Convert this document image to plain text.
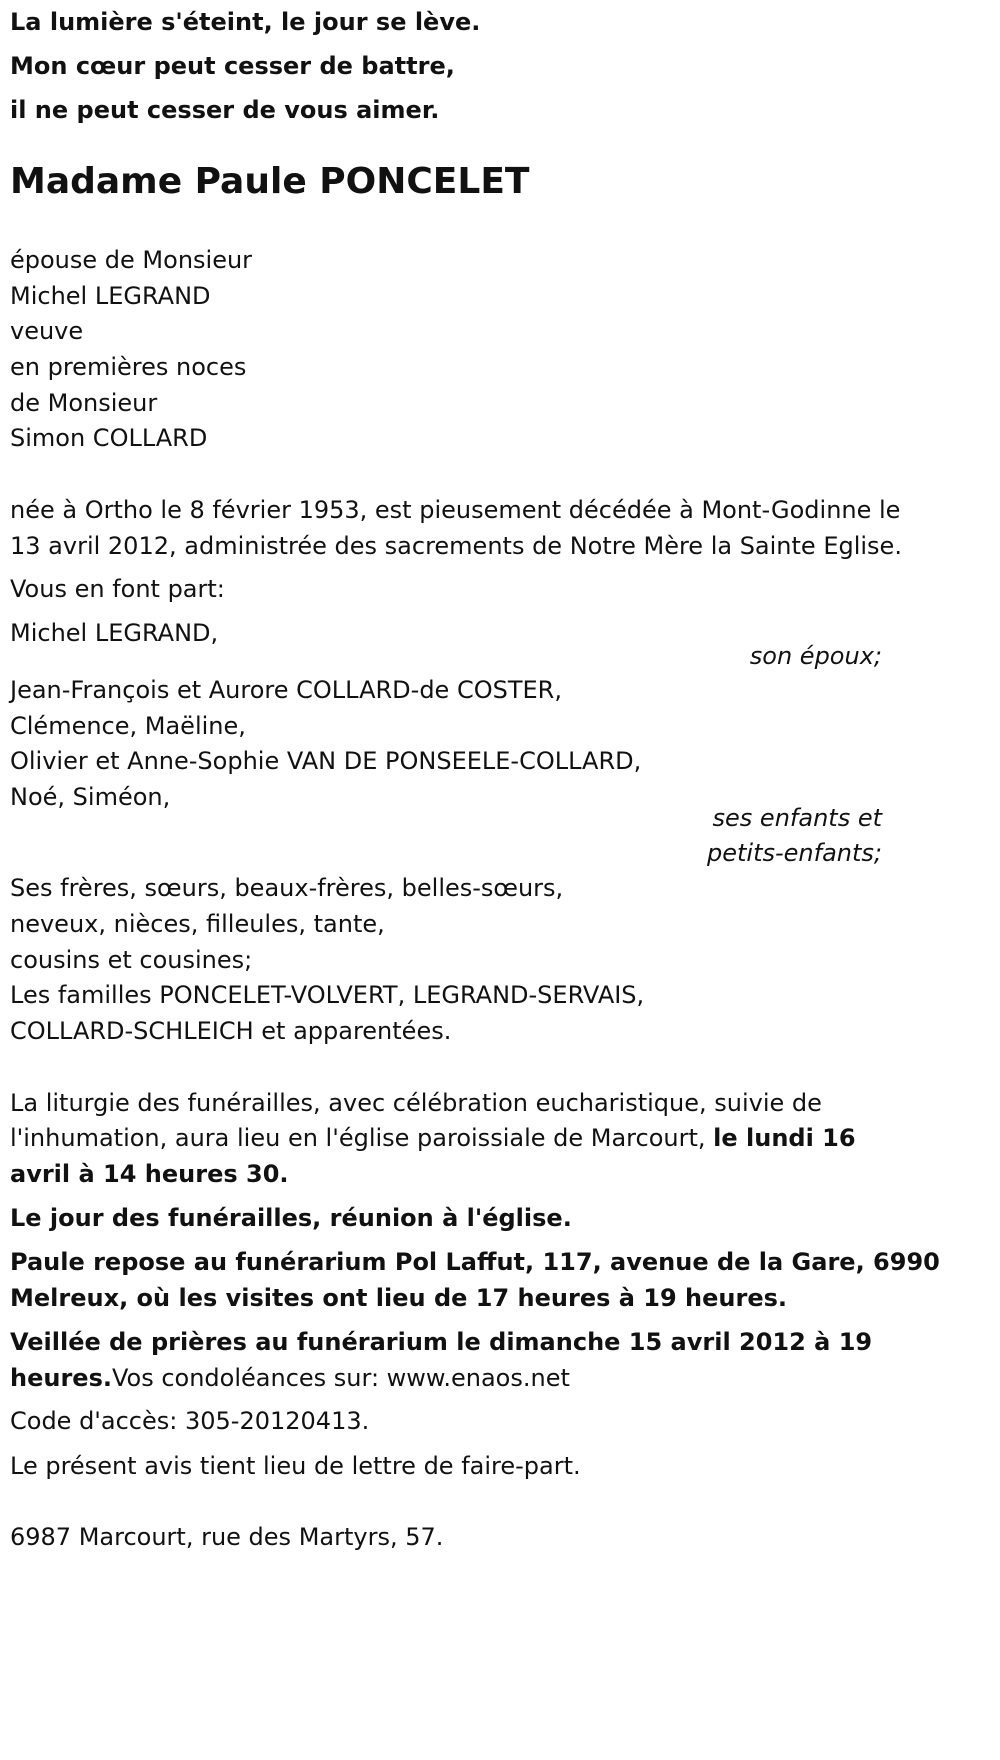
La lumière s'éteint, le jour se lève.
Mon cœur peut cesser de battre,
il ne peut cesser de vous aimer.
Madame Paule PONCELET
épouse de Monsieur
Michel LEGRAND
veuve
en premières noces
de Monsieur
Simon COLLARD
née à Ortho le 8 février 1953, est pieusement décédée à Mont-Godinne le
13 avril 2012, administrée des sacrements de Notre Mère la Sainte Eglise.
Vous en font part:
Michel LEGRAND,
son époux;
Jean-François et Aurore COLLARD-de COSTER,
Clémence, Maëline,
Olivier et Anne-Sophie VAN DE PONSEELE-COLLARD,
Noé, Siméon,
ses enfants et
petits-enfants;
Ses frères, sœurs, beaux-frères, belles-sœurs,
neveux, nièces, filleules, tante,
cousins et cousines;
Les familles PONCELET-VOLVERT, LEGRAND-SERVAIS,
COLLARD-SCHLEICH et apparentées.
La liturgie des funérailles, avec célébration eucharistique, suivie de
l'inhumation, aura lieu en l'église paroissiale de Marcourt, le lundi 16
avril à 14 heures 30.
Le jour des funérailles, réunion à l'église.
Paule repose au funérarium Pol Laffut, 117, avenue de la Gare, 6990
Melreux, où les visites ont lieu de 17 heures à 19 heures.
Veillée de prières au funérarium le dimanche 15 avril 2012 à 19
heures.Vos condoléances sur: www.enaos.net
Code d'accès: 305-20120413.
Le présent avis tient lieu de lettre de faire-part.
6987 Marcourt, rue des Martyrs, 57.
